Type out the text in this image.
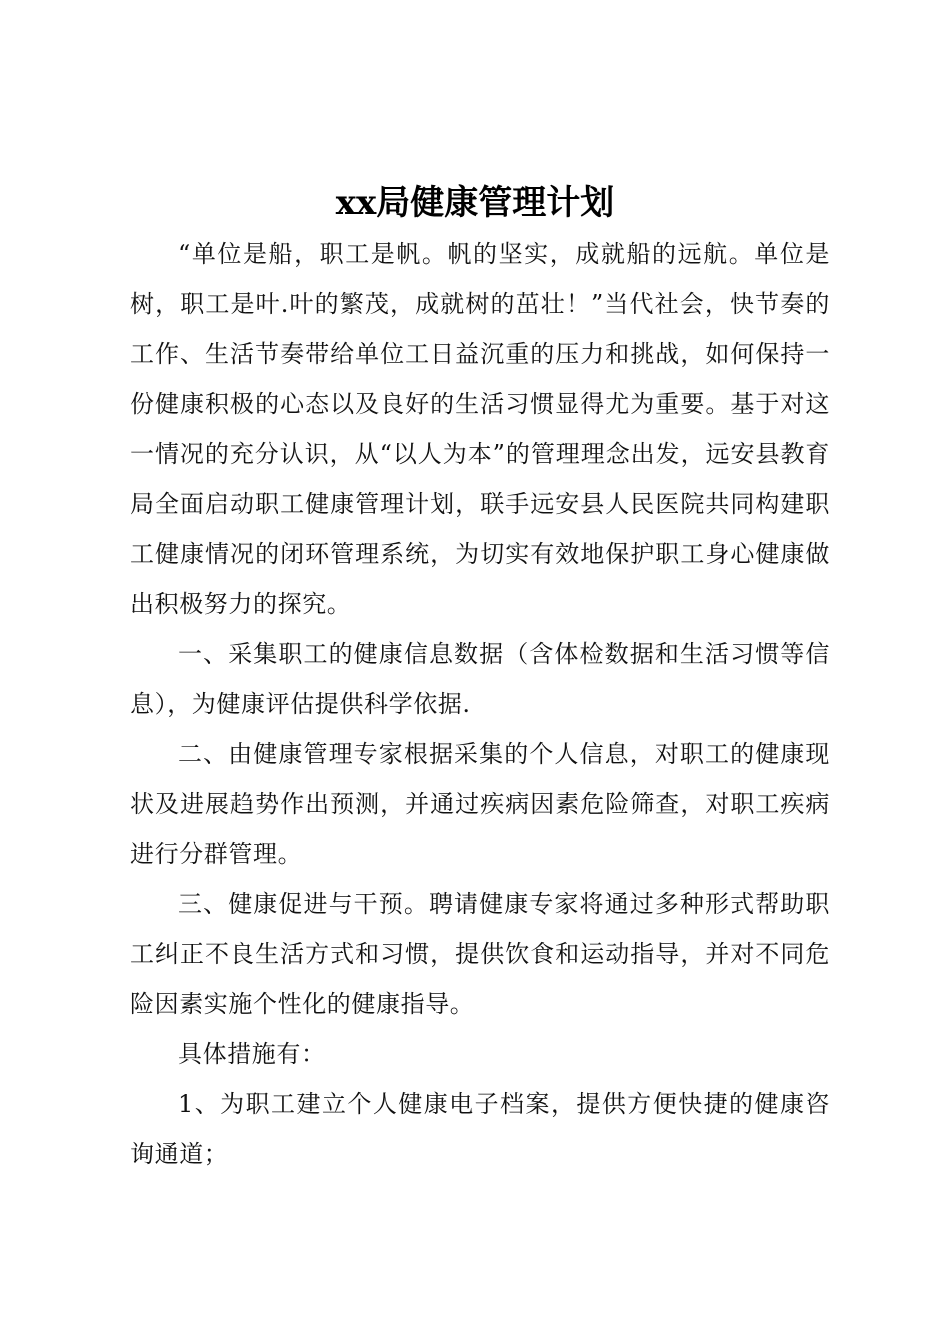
xx局健康管理计划

“单位是船，职工是帆。帆的坚实，成就船的远航。单位是树，职工是叶.叶的繁茂，成就树的茁壮！”当代社会，快节奏的工作、生活节奏带给单位工日益沉重的压力和挑战，如何保持一份健康积极的心态以及良好的生活习惯显得尤为重要。基于对这一情况的充分认识，从“以人为本”的管理理念出发，远安县教育局全面启动职工健康管理计划，联手远安县人民医院共同构建职工健康情况的闭环管理系统，为切实有效地保护职工身心健康做出积极努力的探究。

一、采集职工的健康信息数据（含体检数据和生活习惯等信息），为健康评估提供科学依据.

二、由健康管理专家根据采集的个人信息，对职工的健康现状及进展趋势作出预测，并通过疾病因素危险筛查，对职工疾病进行分群管理。

三、健康促进与干预。聘请健康专家将通过多种形式帮助职工纠正不良生活方式和习惯，提供饮食和运动指导，并对不同危险因素实施个性化的健康指导。

具体措施有：

1、为职工建立个人健康电子档案，提供方便快捷的健康咨询通道；
